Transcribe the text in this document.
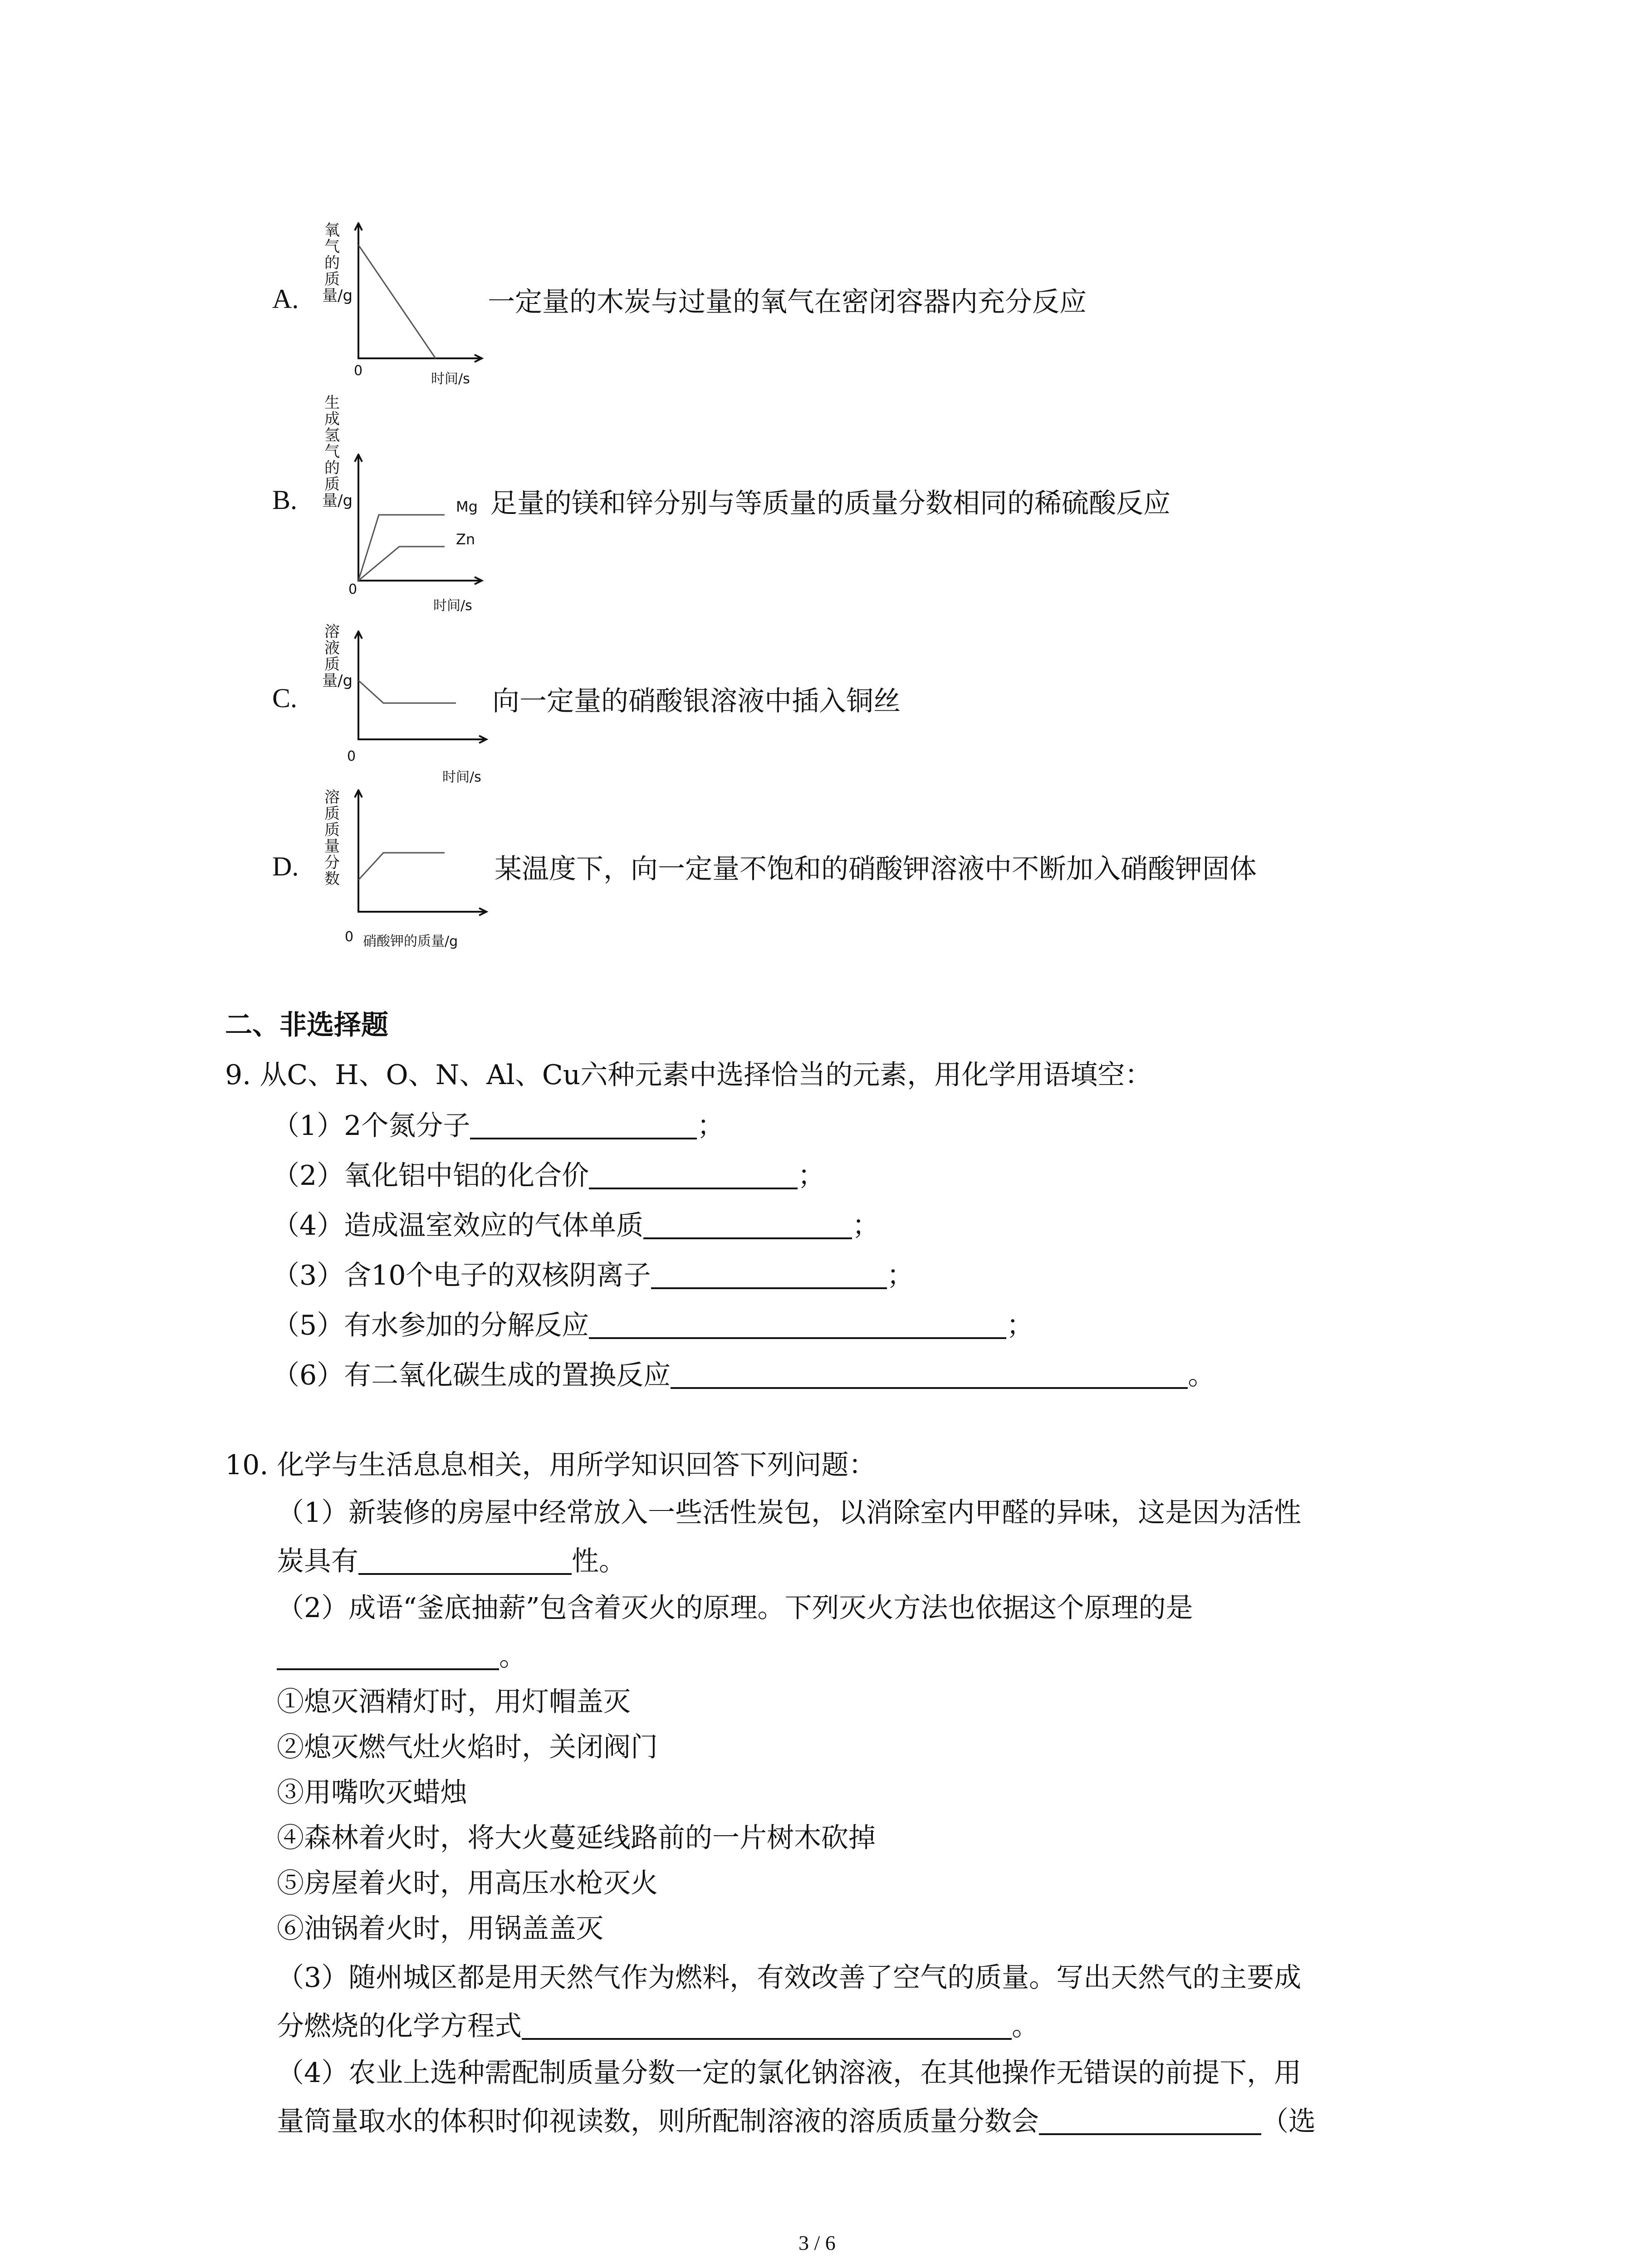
A.
氧气的质量/g
0
时间/s
一定量的木炭与过量的氧气在密闭容器内充分反应
B.
生成氢气的质量/g	Mg
Zn
0
时间/s
足量的镁和锌分别与等质量的质量分数相同的稀硫酸反应
C.
溶液质量/g
0
时间/s
向一定量的硝酸银溶液中插入铜丝
D.
溶质质量分数
0 硝酸钾的质量/g
某温度下，向一定量不饱和的硝酸钾溶液中不断加入硝酸钾固体
二、非选择题
9. 从C、H、O、N、Al、Cu六种元素中选择恰当的元素，用化学用语填空：
（1）2个氮分子	；
（2）氧化铝中铝的化合价	；
（4）造成温室效应的气体单质	；
（3）含10个电子的双核阴离子	；
（5）有水参加的分解反应	；
（6）有二氧化碳生成的置换反应	。
10. 化学与生活息息相关，用所学知识回答下列问题：
（1）新装修的房屋中经常放入一些活性炭包，以消除室内甲醛的异味，这是因为活性
炭具有	性。
（2）成语“釜底抽薪”包含着灭火的原理。下列灭火方法也依据这个原理的是
。
①熄灭酒精灯时，用灯帽盖灭
②熄灭燃气灶火焰时，关闭阀门
③用嘴吹灭蜡烛
④森林着火时，将大火蔓延线路前的一片树木砍掉
⑤房屋着火时，用高压水枪灭火
⑥油锅着火时，用锅盖盖灭
（3）随州城区都是用天然气作为燃料，有效改善了空气的质量。写出天然气的主要成
分燃烧的化学方程式	。
（4）农业上选种需配制质量分数一定的氯化钠溶液，在其他操作无错误的前提下，用
量筒量取水的体积时仰视读数，则所配制溶液的溶质质量分数会	（选
3 / 6
